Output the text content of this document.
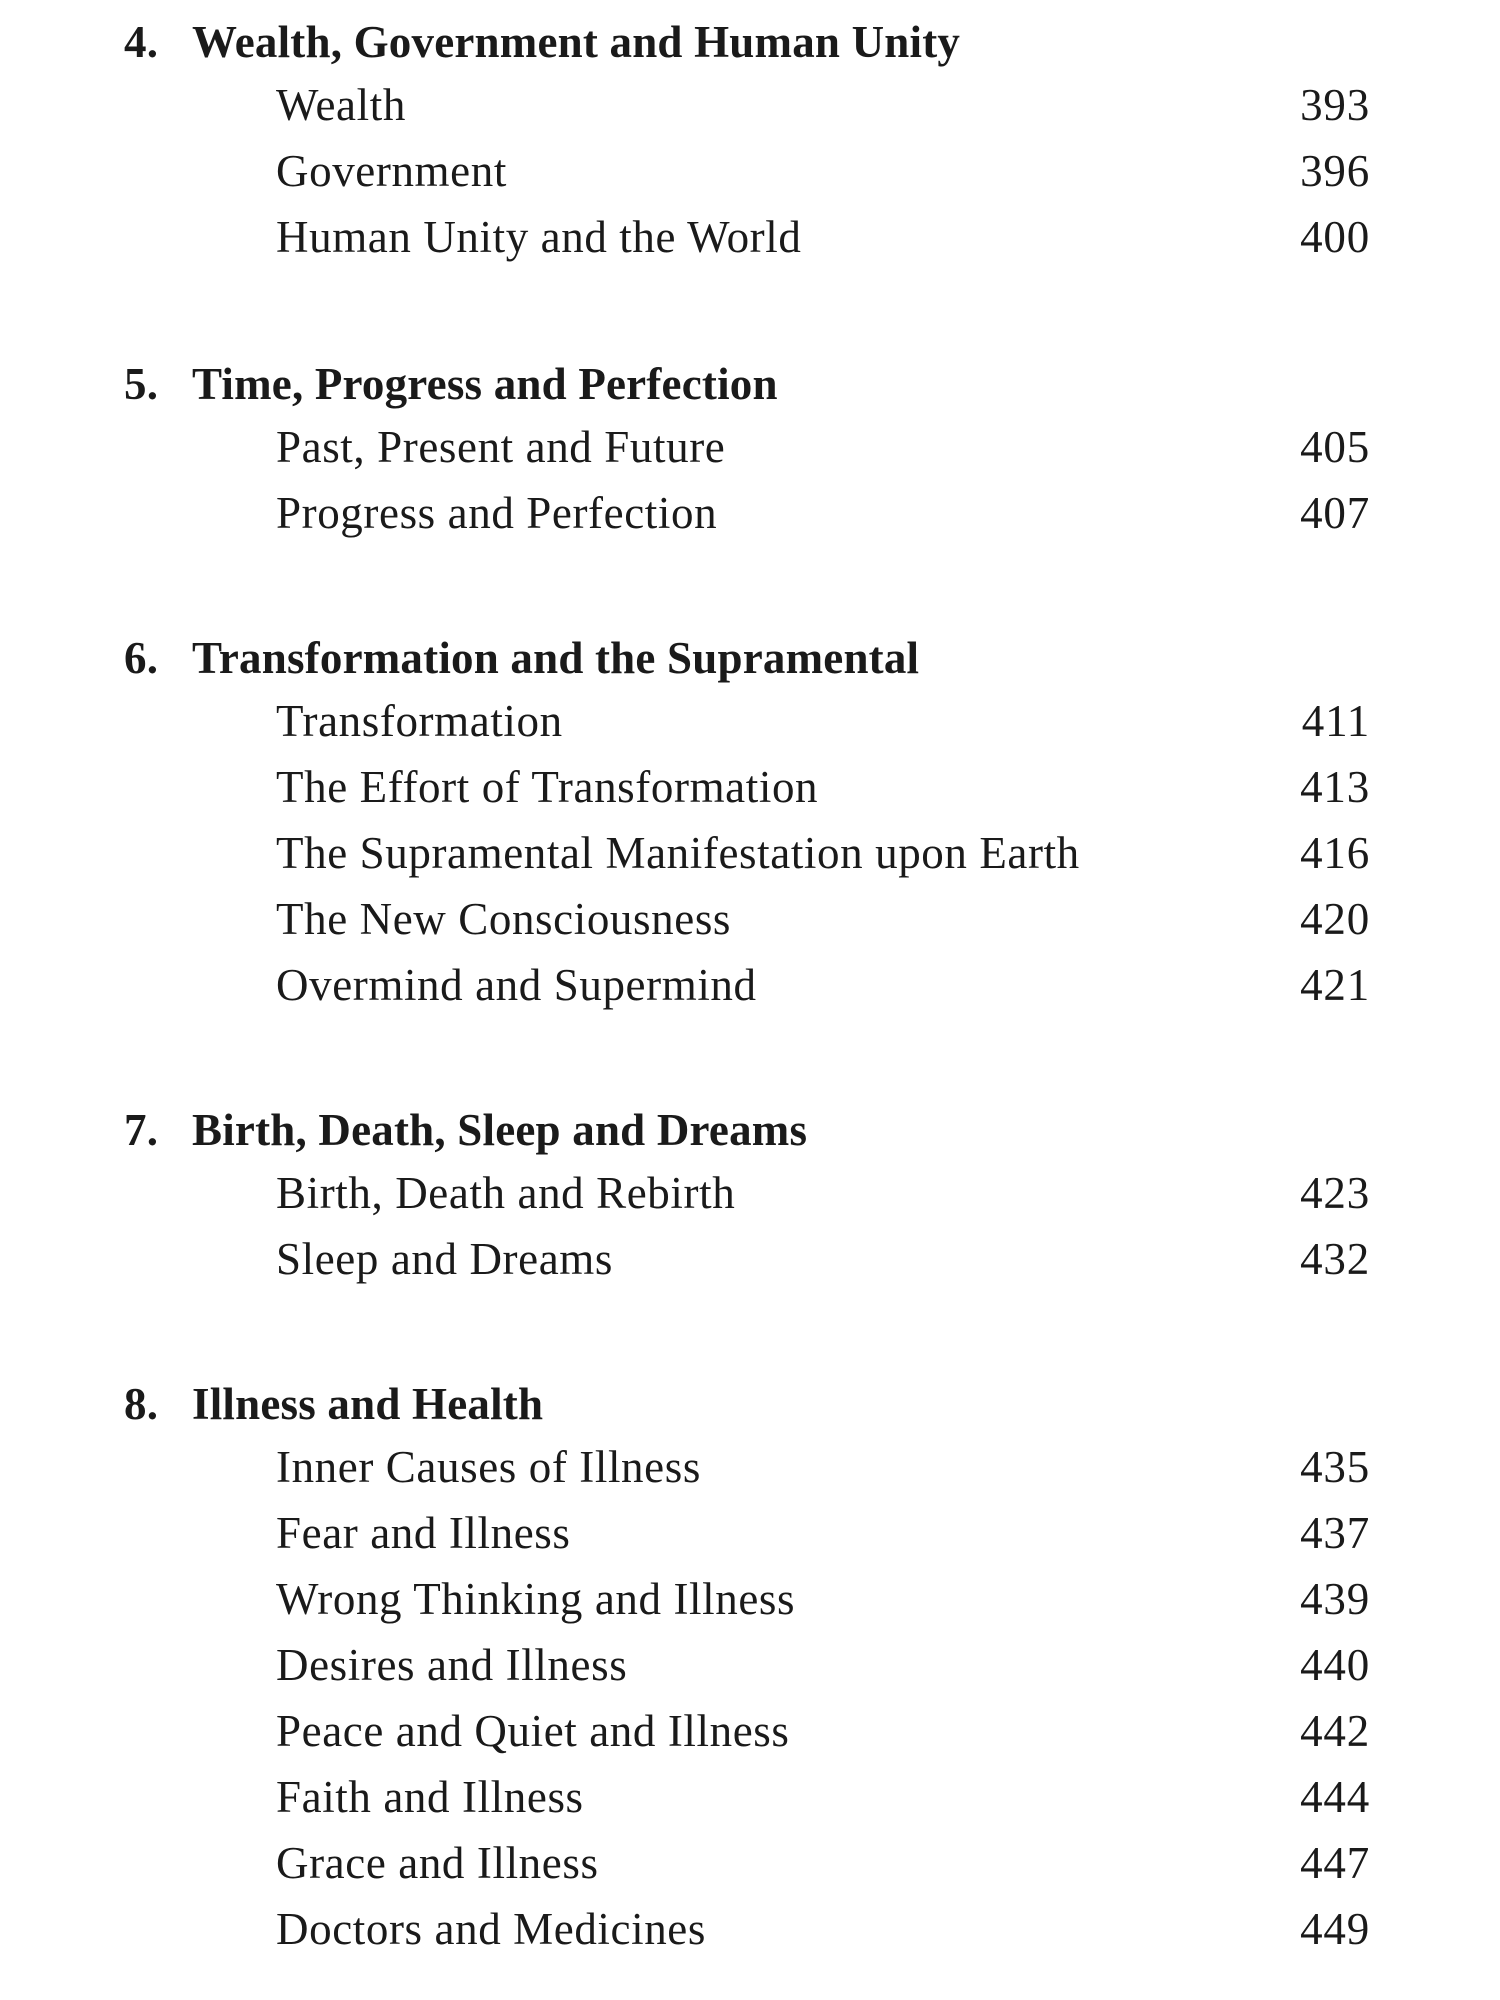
4. Wealth, Government and Human Unity
Wealth	393
Government	396
Human Unity and the World	400
5. Time, Progress and Perfection
Past, Present and Future	405
Progress and Perfection	407
6. Transformation and the Supramental
Transformation	411
The Effort of Transformation	413
The Supramental Manifestation upon Earth	416
The New Consciousness	420
Overmind and Supermind	421
7. Birth, Death, Sleep and Dreams
Birth, Death and Rebirth	423
Sleep and Dreams	432
8. Illness and Health
Inner Causes of Illness	435
Fear and Illness	437
Wrong Thinking and Illness	439
Desires and Illness	440
Peace and Quiet and Illness	442
Faith and Illness	444
Grace and Illness	447
Doctors and Medicines	449
